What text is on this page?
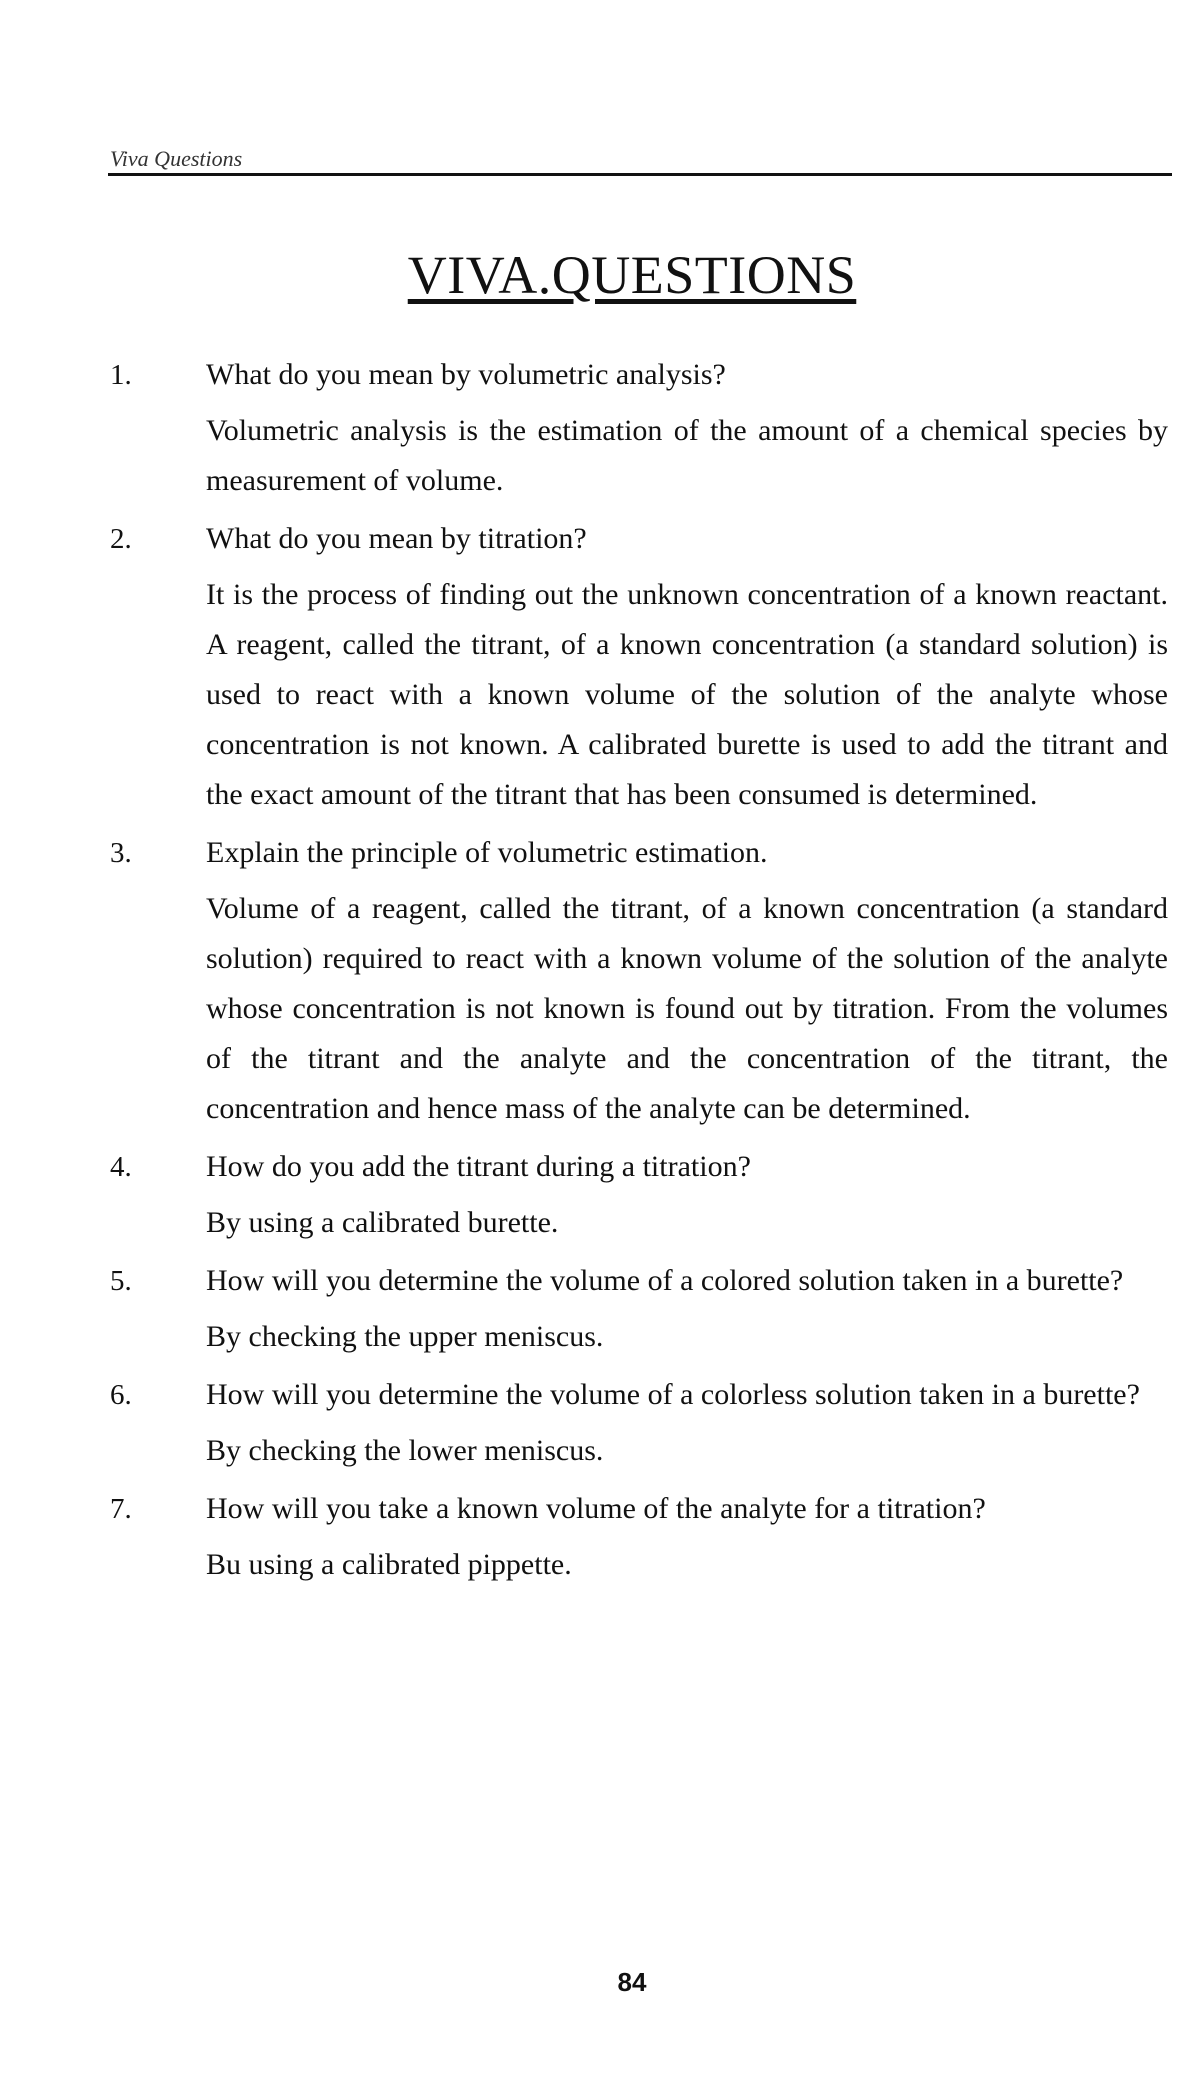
Viva Questions
VIVA.QUESTIONS
1. What do you mean by volumetric analysis?
Volumetric analysis is the estimation of the amount of a chemical species by measurement of volume.
2. What do you mean by titration?
It is the process of finding out the unknown concentration of a known reactant. A reagent, called the titrant, of a known concentration (a standard solution) is used to react with a known volume of the solution of the analyte whose concentration is not known. A calibrated burette is used to add the titrant and the exact amount of the titrant that has been consumed is determined.
3. Explain the principle of volumetric estimation.
Volume of a reagent, called the titrant, of a known concentration (a standard solution) required to react with a known volume of the solution of the analyte whose concentration is not known is found out by titration. From the volumes of the titrant and the analyte and the concentration of the titrant, the concentration and hence mass of the analyte can be determined.
4. How do you add the titrant during a titration?
By using a calibrated burette.
5. How will you determine the volume of a colored solution taken in a burette?
By checking the upper meniscus.
6. How will you determine the volume of a colorless solution taken in a burette?
By checking the lower meniscus.
7. How will you take a known volume of the analyte for a titration?
Bu using a calibrated pippette.
84
